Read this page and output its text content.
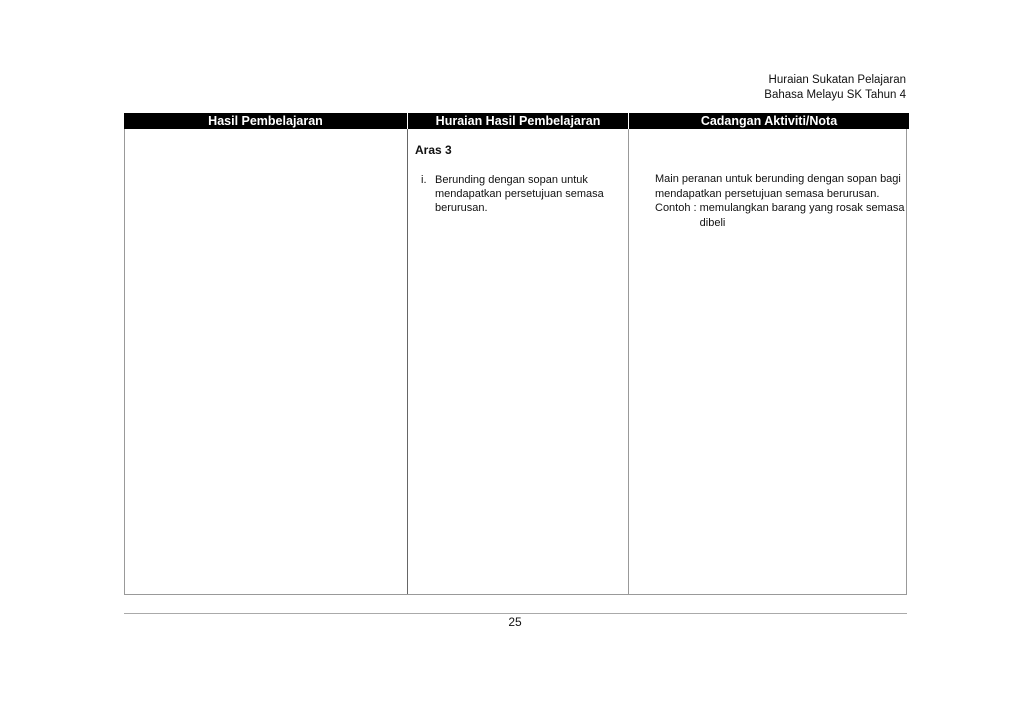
Huraian Sukatan Pelajaran
Bahasa Melayu SK Tahun 4
Hasil Pembelajaran	Huraian Hasil Pembelajaran	Cadangan Aktiviti/Nota
Aras 3
i. Berunding dengan sopan untuk mendapatkan persetujuan semasa berurusan.
Main peranan untuk berunding dengan sopan bagi mendapatkan persetujuan semasa berurusan.
Contoh : memulangkan barang yang rosak semasa dibeli
25
